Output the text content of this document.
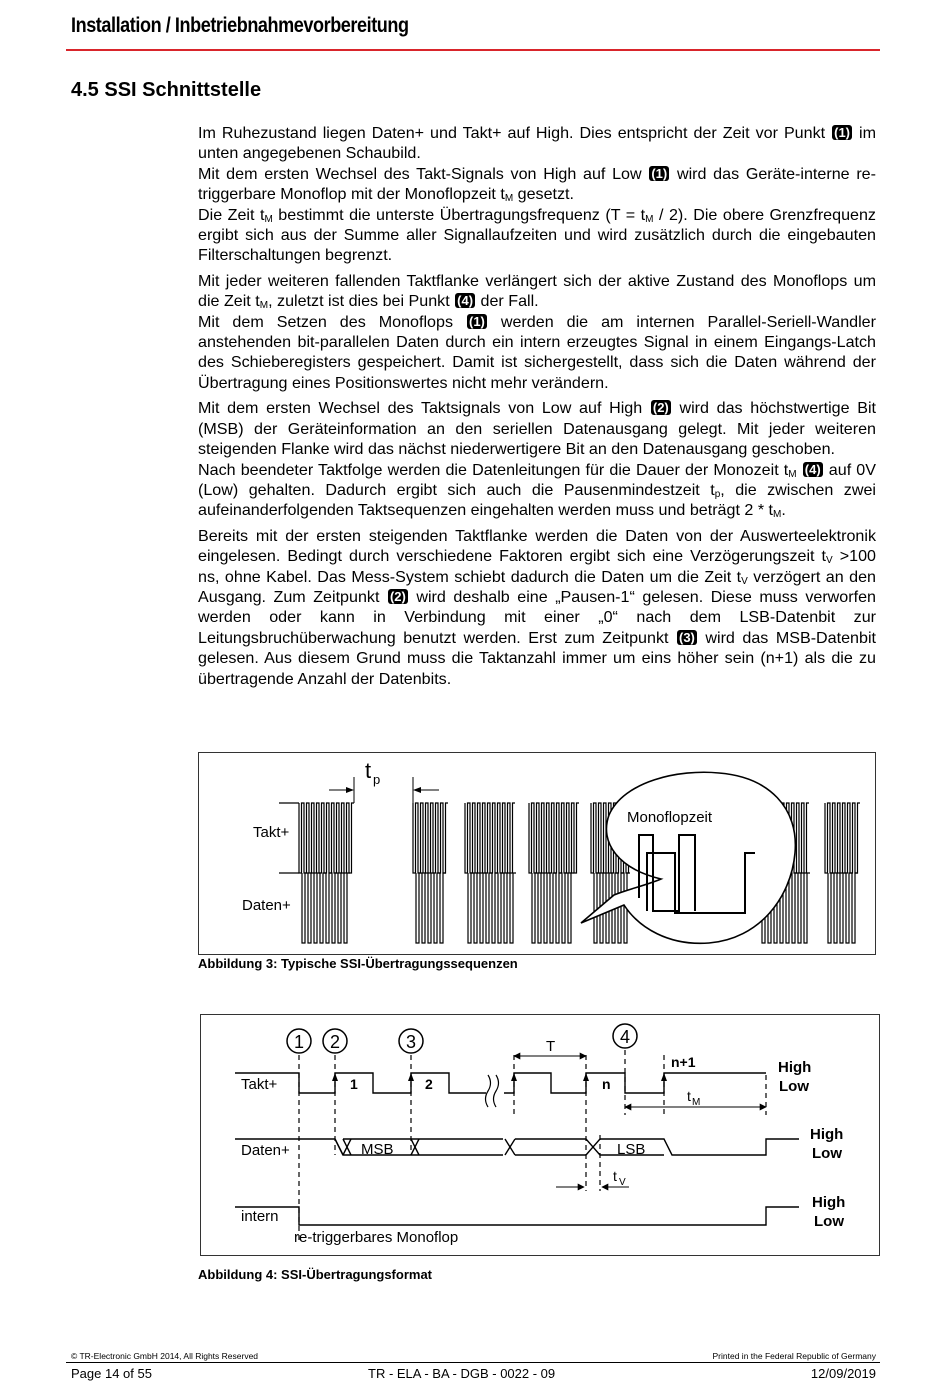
Installation / Inbetriebnahmevorbereitung
4.5 SSI Schnittstelle

Im Ruhezustand liegen Daten+ und Takt+ auf High. Dies entspricht der Zeit vor Punkt (1) im unten angegebenen Schaubild.
Mit dem ersten Wechsel des Takt-Signals von High auf Low (1) wird das Geräte-interne re-triggerbare Monoflop mit der Monoflopzeit $t_M$ gesetzt.
Die Zeit $t_M$ bestimmt die unterste Übertragungsfrequenz $(T = t_M / 2)$. Die obere Grenzfrequenz ergibt sich aus der Summe aller Signallaufzeiten und wird zusätzlich durch die eingebauten Filterschaltungen begrenzt.

Mit jeder weiteren fallenden Taktflanke verlängert sich der aktive Zustand des Monoflops um die Zeit $t_M$, zuletzt ist dies bei Punkt (4) der Fall.
Mit dem Setzen des Monoflops (1) werden die am internen Parallel-Seriell-Wandler anstehenden bit-parallelen Daten durch ein intern erzeugtes Signal in einem Eingangs-Latch des Schieberegisters gespeichert. Damit ist sichergestellt, dass sich die Daten während der Übertragung eines Positionswertes nicht mehr verändern.

Mit dem ersten Wechsel des Taktsignals von Low auf High (2) wird das höchstwertige Bit (MSB) der Geräteinformation an den seriellen Datenausgang gelegt. Mit jeder weiteren steigenden Flanke wird das nächst niederwertigere Bit an den Datenausgang geschoben.
Nach beendeter Taktfolge werden die Datenleitungen für die Dauer der Monozeit $t_M$ (4) auf 0V (Low) gehalten. Dadurch ergibt sich auch die Pausenmindestzeit $t_p$, die zwischen zwei aufeinanderfolgenden Taktsequenzen eingehalten werden muss und beträgt $2 * t_M$.

Bereits mit der ersten steigenden Taktflanke werden die Daten von der Auswerteelektronik eingelesen. Bedingt durch verschiedene Faktoren ergibt sich eine Verzögerungszeit $t_V >100$ ns, ohne Kabel. Das Mess-System schiebt dadurch die Daten um die Zeit $t_V$ verzögert an den Ausgang. Zum Zeitpunkt (2) wird deshalb eine „Pausen-1“ gelesen. Diese muss verworfen werden oder kann in Verbindung mit einer „0“ nach dem LSB-Datenbit zur Leitungsbruchüberwachung benutzt werden. Erst zum Zeitpunkt (3) wird das MSB-Datenbit gelesen. Aus diesem Grund muss die Taktanzahl immer um eins höher sein (n+1) als die zu übertragende Anzahl der Datenbits.

t p
Takt+
Daten+
Monoflopzeit
Abbildung 3: Typische SSI-Übertragungssequenzen
1 2	3	4
Takt+	1	2	n
n+1
T
t M
High
Low
High
Low
High
Low
Daten+	MSB	LSB
t V
intern
re-triggerbares Monoflop
Abbildung 4: SSI-Übertragungsformat
© TR-Electronic GmbH 2014, All Rights Reserved	Printed in the Federal Republic of Germany
Page 14 of 55	TR - ELA - BA - DGB - 0022 - 09	12/09/2019
